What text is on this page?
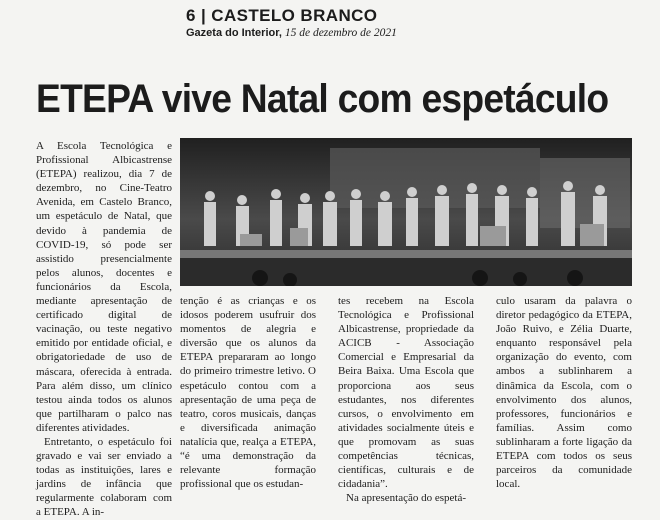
6 | CASTELO BRANCO
Gazeta do Interior, 15 de dezembro de 2021
ETEPA vive Natal com espetáculo

A Escola Tecnológica e Profissional Albicastrense (ETEPA) realizou, dia 7 de dezembro, no Cine-Teatro Avenida, em Castelo Branco, um espetáculo de Natal, que devido à pandemia de COVID-19, só pode ser assistido presencialmente pelos alunos, docentes e funcionários da Escola, mediante apresentação de certificado digital de vacinação, ou teste negativo emitido por entidade oficial, e obrigatoriedade de uso de máscara, oferecida à entrada. Para além disso, um clínico testou ainda todos os alunos que partilharam o palco nas diferentes atividades.

Entretanto, o espetáculo foi gravado e vai ser enviado a todas as instituições, lares e jardins de infância que regularmente colaboram com a ETEPA. A in-

tenção é as crianças e os idosos poderem usufruir dos momentos de alegria e diversão que os alunos da ETEPA prepararam ao longo do primeiro trimestre letivo. O espetáculo contou com a apresentação de uma peça de teatro, coros musicais, danças e diversificada animação natalícia que, realça a ETEPA, “é uma demonstração da relevante formação profissional que os estudan-

tes recebem na Escola Tecnológica e Profissional Albicastrense, propriedade da ACICB - Associação Comercial e Empresarial da Beira Baixa. Uma Escola que proporciona aos seus estudantes, nos diferentes cursos, o envolvimento em atividades socialmente úteis e que promovam as suas competências técnicas, científicas, culturais e de cidadania”.

Na apresentação do espetá-

culo usaram da palavra o diretor pedagógico da ETEPA, João Ruivo, e Zélia Duarte, enquanto responsável pela organização do evento, com ambos a sublinharem a dinâmica da Escola, com o envolvimento dos alunos, professores, funcionários e famílias. Assim como sublinharam a forte ligação da ETEPA com todos os seus parceiros da comunidade local.
